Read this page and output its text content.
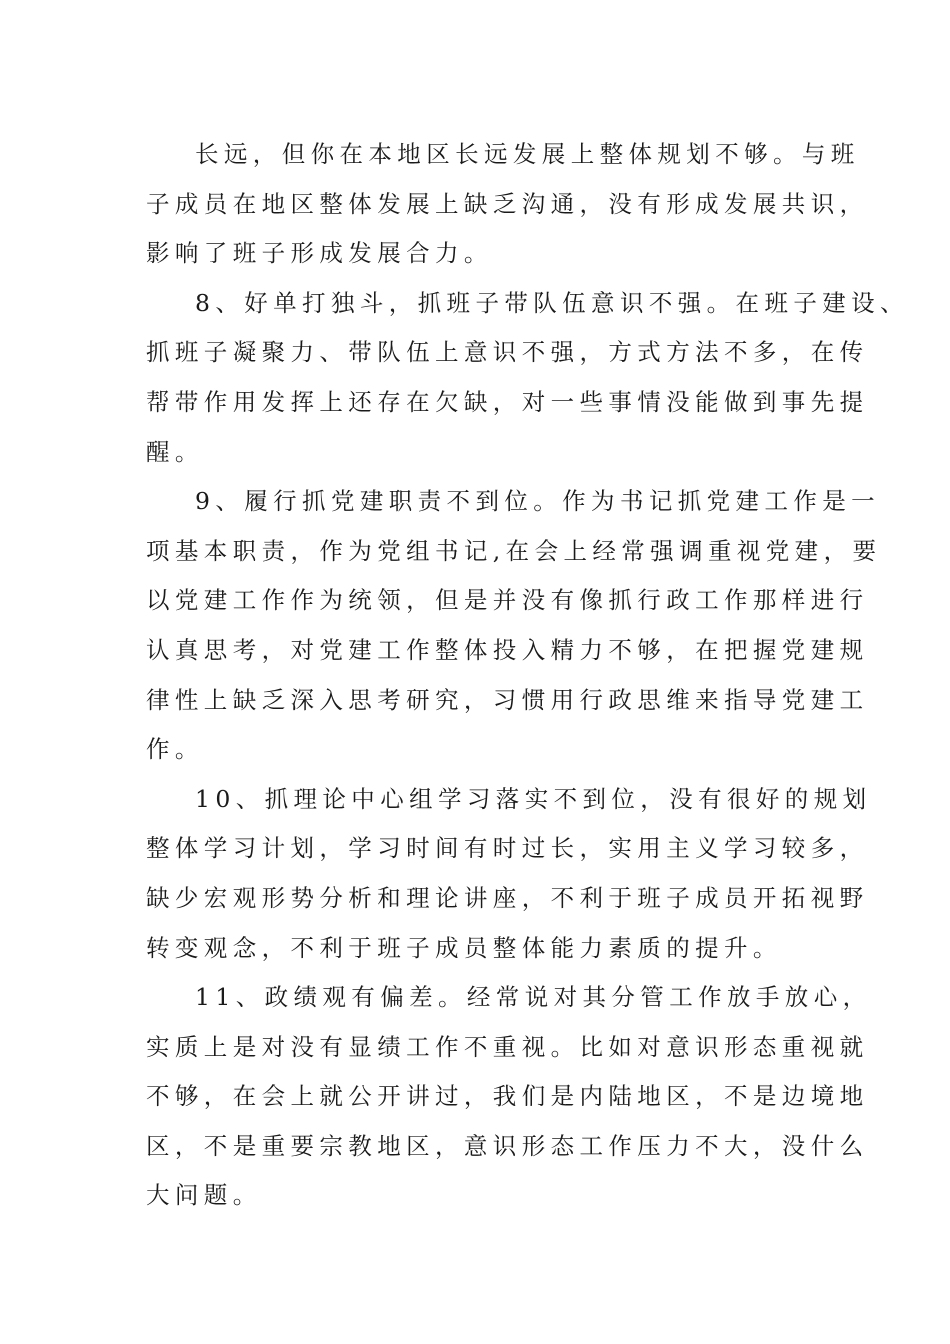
长远，但你在本地区长远发展上整体规划不够。与班
子成员在地区整体发展上缺乏沟通，没有形成发展共识，
影响了班子形成发展合力。

8、好单打独斗，抓班子带队伍意识不强。在班子建设、
抓班子凝聚力、带队伍上意识不强，方式方法不多，在传
帮带作用发挥上还存在欠缺，对一些事情没能做到事先提
醒。

9、履行抓党建职责不到位。作为书记抓党建工作是一
项基本职责，作为党组书记,在会上经常强调重视党建，要
以党建工作作为统领，但是并没有像抓行政工作那样进行
认真思考，对党建工作整体投入精力不够，在把握党建规
律性上缺乏深入思考研究，习惯用行政思维来指导党建工
作。

10、抓理论中心组学习落实不到位，没有很好的规划
整体学习计划，学习时间有时过长，实用主义学习较多，
缺少宏观形势分析和理论讲座，不利于班子成员开拓视野
转变观念，不利于班子成员整体能力素质的提升。

11、政绩观有偏差。经常说对其分管工作放手放心，
实质上是对没有显绩工作不重视。比如对意识形态重视就
不够，在会上就公开讲过，我们是内陆地区，不是边境地
区，不是重要宗教地区，意识形态工作压力不大，没什么
大问题。
